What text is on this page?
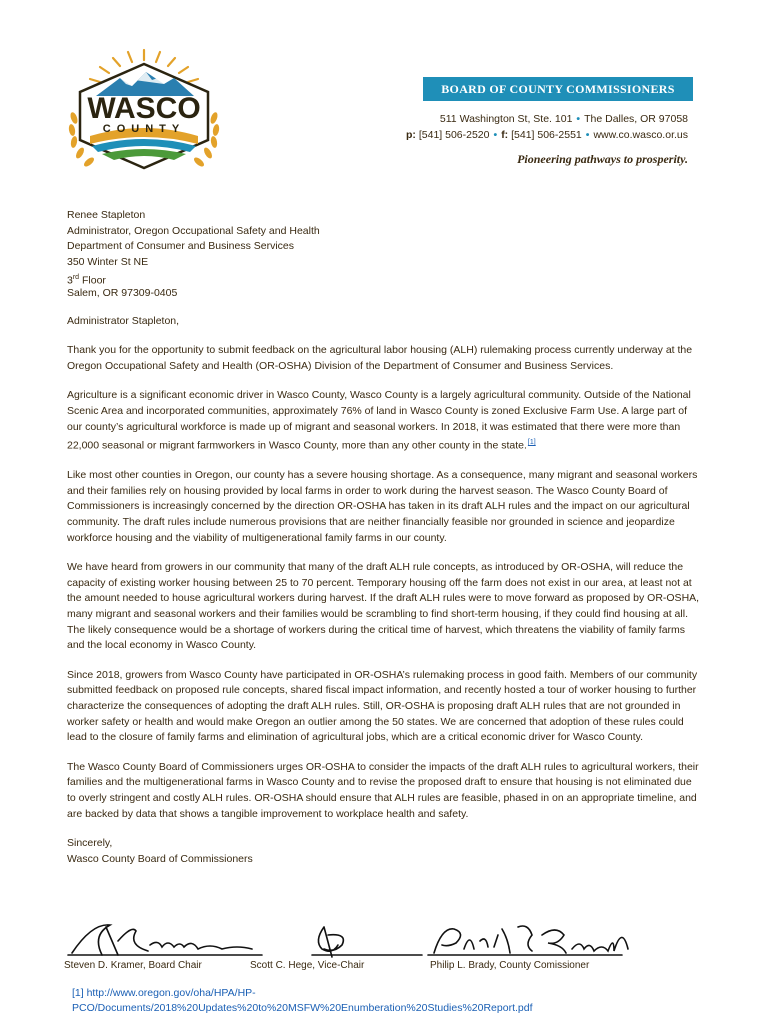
WASCO
COUNTY
BOARD OF COUNTY COMMISSIONERS
511 Washington St, Ste. 101 • The Dalles, OR 97058
p: [541] 506-2520 • f: [541] 506-2551 • www.co.wasco.or.us
Pioneering pathways to prosperity.
Renee Stapleton
Administrator, Oregon Occupational Safety and Health
Department of Consumer and Business Services
350 Winter St NE
3rd Floor
Salem, OR 97309-0405

Administrator Stapleton,

Thank you for the opportunity to submit feedback on the agricultural labor housing (ALH) rulemaking process currently underway at the Oregon Occupational Safety and Health (OR-OSHA) Division of the Department of Consumer and Business Services.

Agriculture is a significant economic driver in Wasco County, Wasco County is a largely agricultural community. Outside of the National Scenic Area and incorporated communities, approximately 76% of land in Wasco County is zoned Exclusive Farm Use. A large part of our county’s agricultural workforce is made up of migrant and seasonal workers. In 2018, it was estimated that there were more than 22,000 seasonal or migrant farmworkers in Wasco County, more than any other county in the state.[1]

Like most other counties in Oregon, our county has a severe housing shortage. As a consequence, many migrant and seasonal workers and their families rely on housing provided by local farms in order to work during the harvest season. The Wasco County Board of Commissioners is increasingly concerned by the direction OR-OSHA has taken in its draft ALH rules and the impact on our agricultural community. The draft rules include numerous provisions that are neither financially feasible nor grounded in science and jeopardize workforce housing and the viability of multigenerational family farms in our county.

We have heard from growers in our community that many of the draft ALH rule concepts, as introduced by OR-OSHA, will reduce the capacity of existing worker housing between 25 to 70 percent. Temporary housing off the farm does not exist in our area, at least not at the amount needed to house agricultural workers during harvest. If the draft ALH rules were to move forward as proposed by OR-OSHA, many migrant and seasonal workers and their families would be scrambling to find short-term housing, if they could find housing at all. The likely consequence would be a shortage of workers during the critical time of harvest, which threatens the viability of family farms and the local economy in Wasco County.

Since 2018, growers from Wasco County have participated in OR-OSHA’s rulemaking process in good faith. Members of our community submitted feedback on proposed rule concepts, shared fiscal impact information, and recently hosted a tour of worker housing to further characterize the consequences of adopting the draft ALH rules. Still, OR-OSHA is proposing draft ALH rules that are not grounded in worker safety or health and would make Oregon an outlier among the 50 states. We are concerned that adoption of these rules could lead to the closure of family farms and elimination of agricultural jobs, which are a critical economic driver for Wasco County.

The Wasco County Board of Commissioners urges OR-OSHA to consider the impacts of the draft ALH rules to agricultural workers, their families and the multigenerational farms in Wasco County and to revise the proposed draft to ensure that housing is not eliminated due to overly stringent and costly ALH rules. OR-OSHA should ensure that ALH rules are feasible, phased in on an appropriate timeline, and are backed by data that shows a tangible improvement to workplace health and safety.

Sincerely,

Wasco County Board of Commissioners

Steven D. Kramer, Board Chair	Scott C. Hege, Vice-Chair	Philip L. Brady, County Comissioner
[1] http://www.oregon.gov/oha/HPA/HP-PCO/Documents/2018%20Updates%20to%20MSFW%20Enumberation%20Studies%20Report.pdf
